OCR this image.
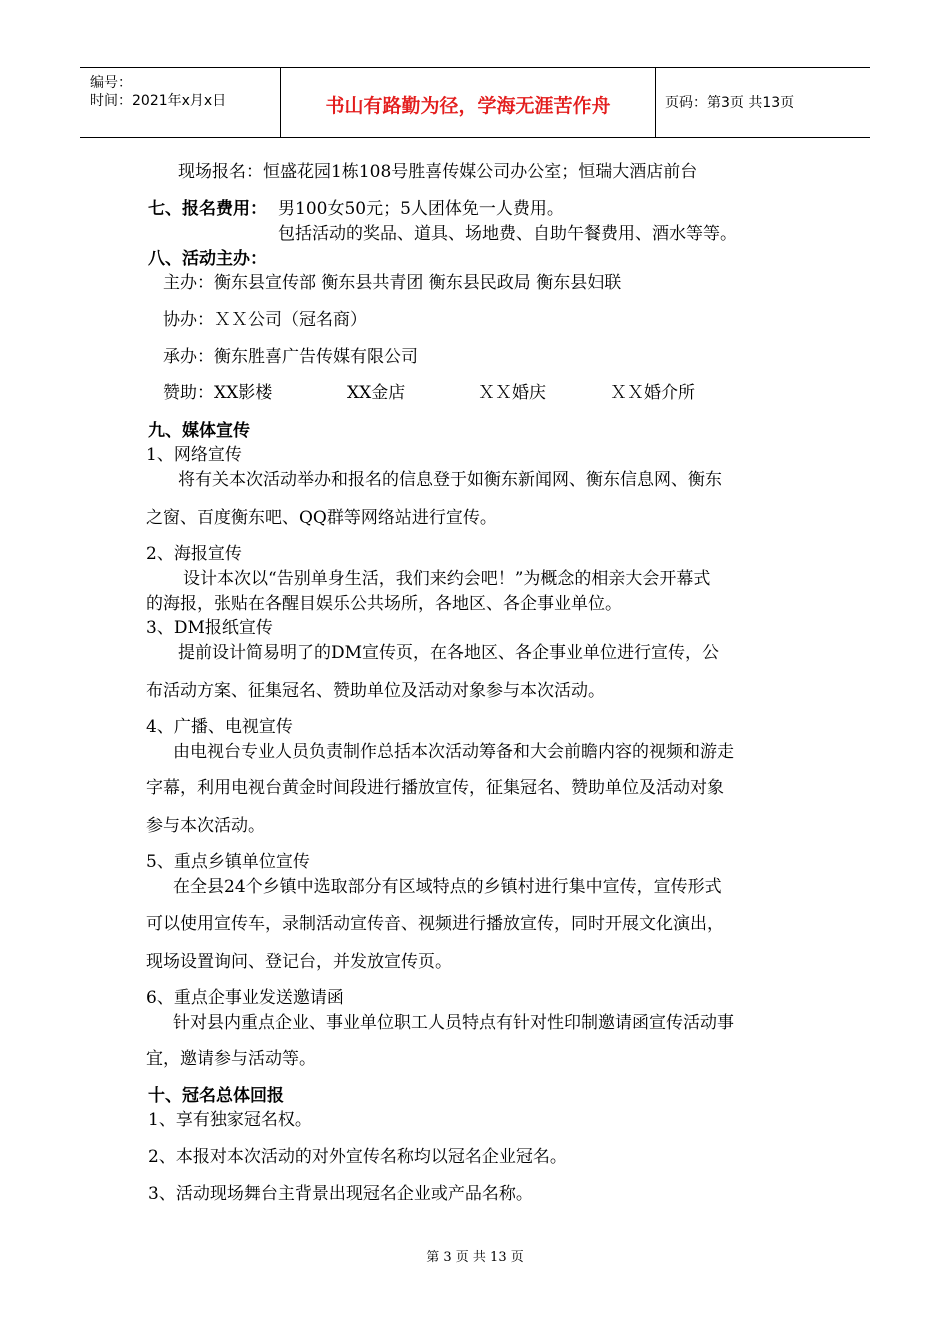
编号：
时间：2021年x月x日	书山有路勤为径，学海无涯苦作舟	页码：第3页 共13页
现场报名：恒盛花园1栋108号胜喜传媒公司办公室；恒瑞大酒店前台
七、报名费用： 男100女50元；5人团体免一人费用。
包括活动的奖品、道具、场地费、自助午餐费用、酒水等等。
八、活动主办：
主办：衡东县宣传部 衡东县共青团 衡东县民政局 衡东县妇联
协办：ＸＸ公司（冠名商）
承办：衡东胜喜广告传媒有限公司
赞助：XX影楼	XX金店	ＸＸ婚庆	ＸＸ婚介所
九、媒体宣传
1、网络宣传
将有关本次活动举办和报名的信息登于如衡东新闻网、衡东信息网、衡东
之窗、百度衡东吧、QQ群等网络站进行宣传。
2、海报宣传
设计本次以“告别单身生活，我们来约会吧！”为概念的相亲大会开幕式
的海报，张贴在各醒目娱乐公共场所，各地区、各企事业单位。
3、DM报纸宣传
提前设计简易明了的DM宣传页，在各地区、各企事业单位进行宣传，公
布活动方案、征集冠名、赞助单位及活动对象参与本次活动。
4、广播、电视宣传
由电视台专业人员负责制作总括本次活动筹备和大会前瞻内容的视频和游走
字幕，利用电视台黄金时间段进行播放宣传，征集冠名、赞助单位及活动对象
参与本次活动。
5、重点乡镇单位宣传
在全县24个乡镇中选取部分有区域特点的乡镇村进行集中宣传，宣传形式
可以使用宣传车，录制活动宣传音、视频进行播放宣传，同时开展文化演出，
现场设置询问、登记台，并发放宣传页。
6、重点企事业发送邀请函
针对县内重点企业、事业单位职工人员特点有针对性印制邀请函宣传活动事
宜，邀请参与活动等。
十、冠名总体回报
1、享有独家冠名权。
2、本报对本次活动的对外宣传名称均以冠名企业冠名。
3、活动现场舞台主背景出现冠名企业或产品名称。
第 3 页 共 13 页
